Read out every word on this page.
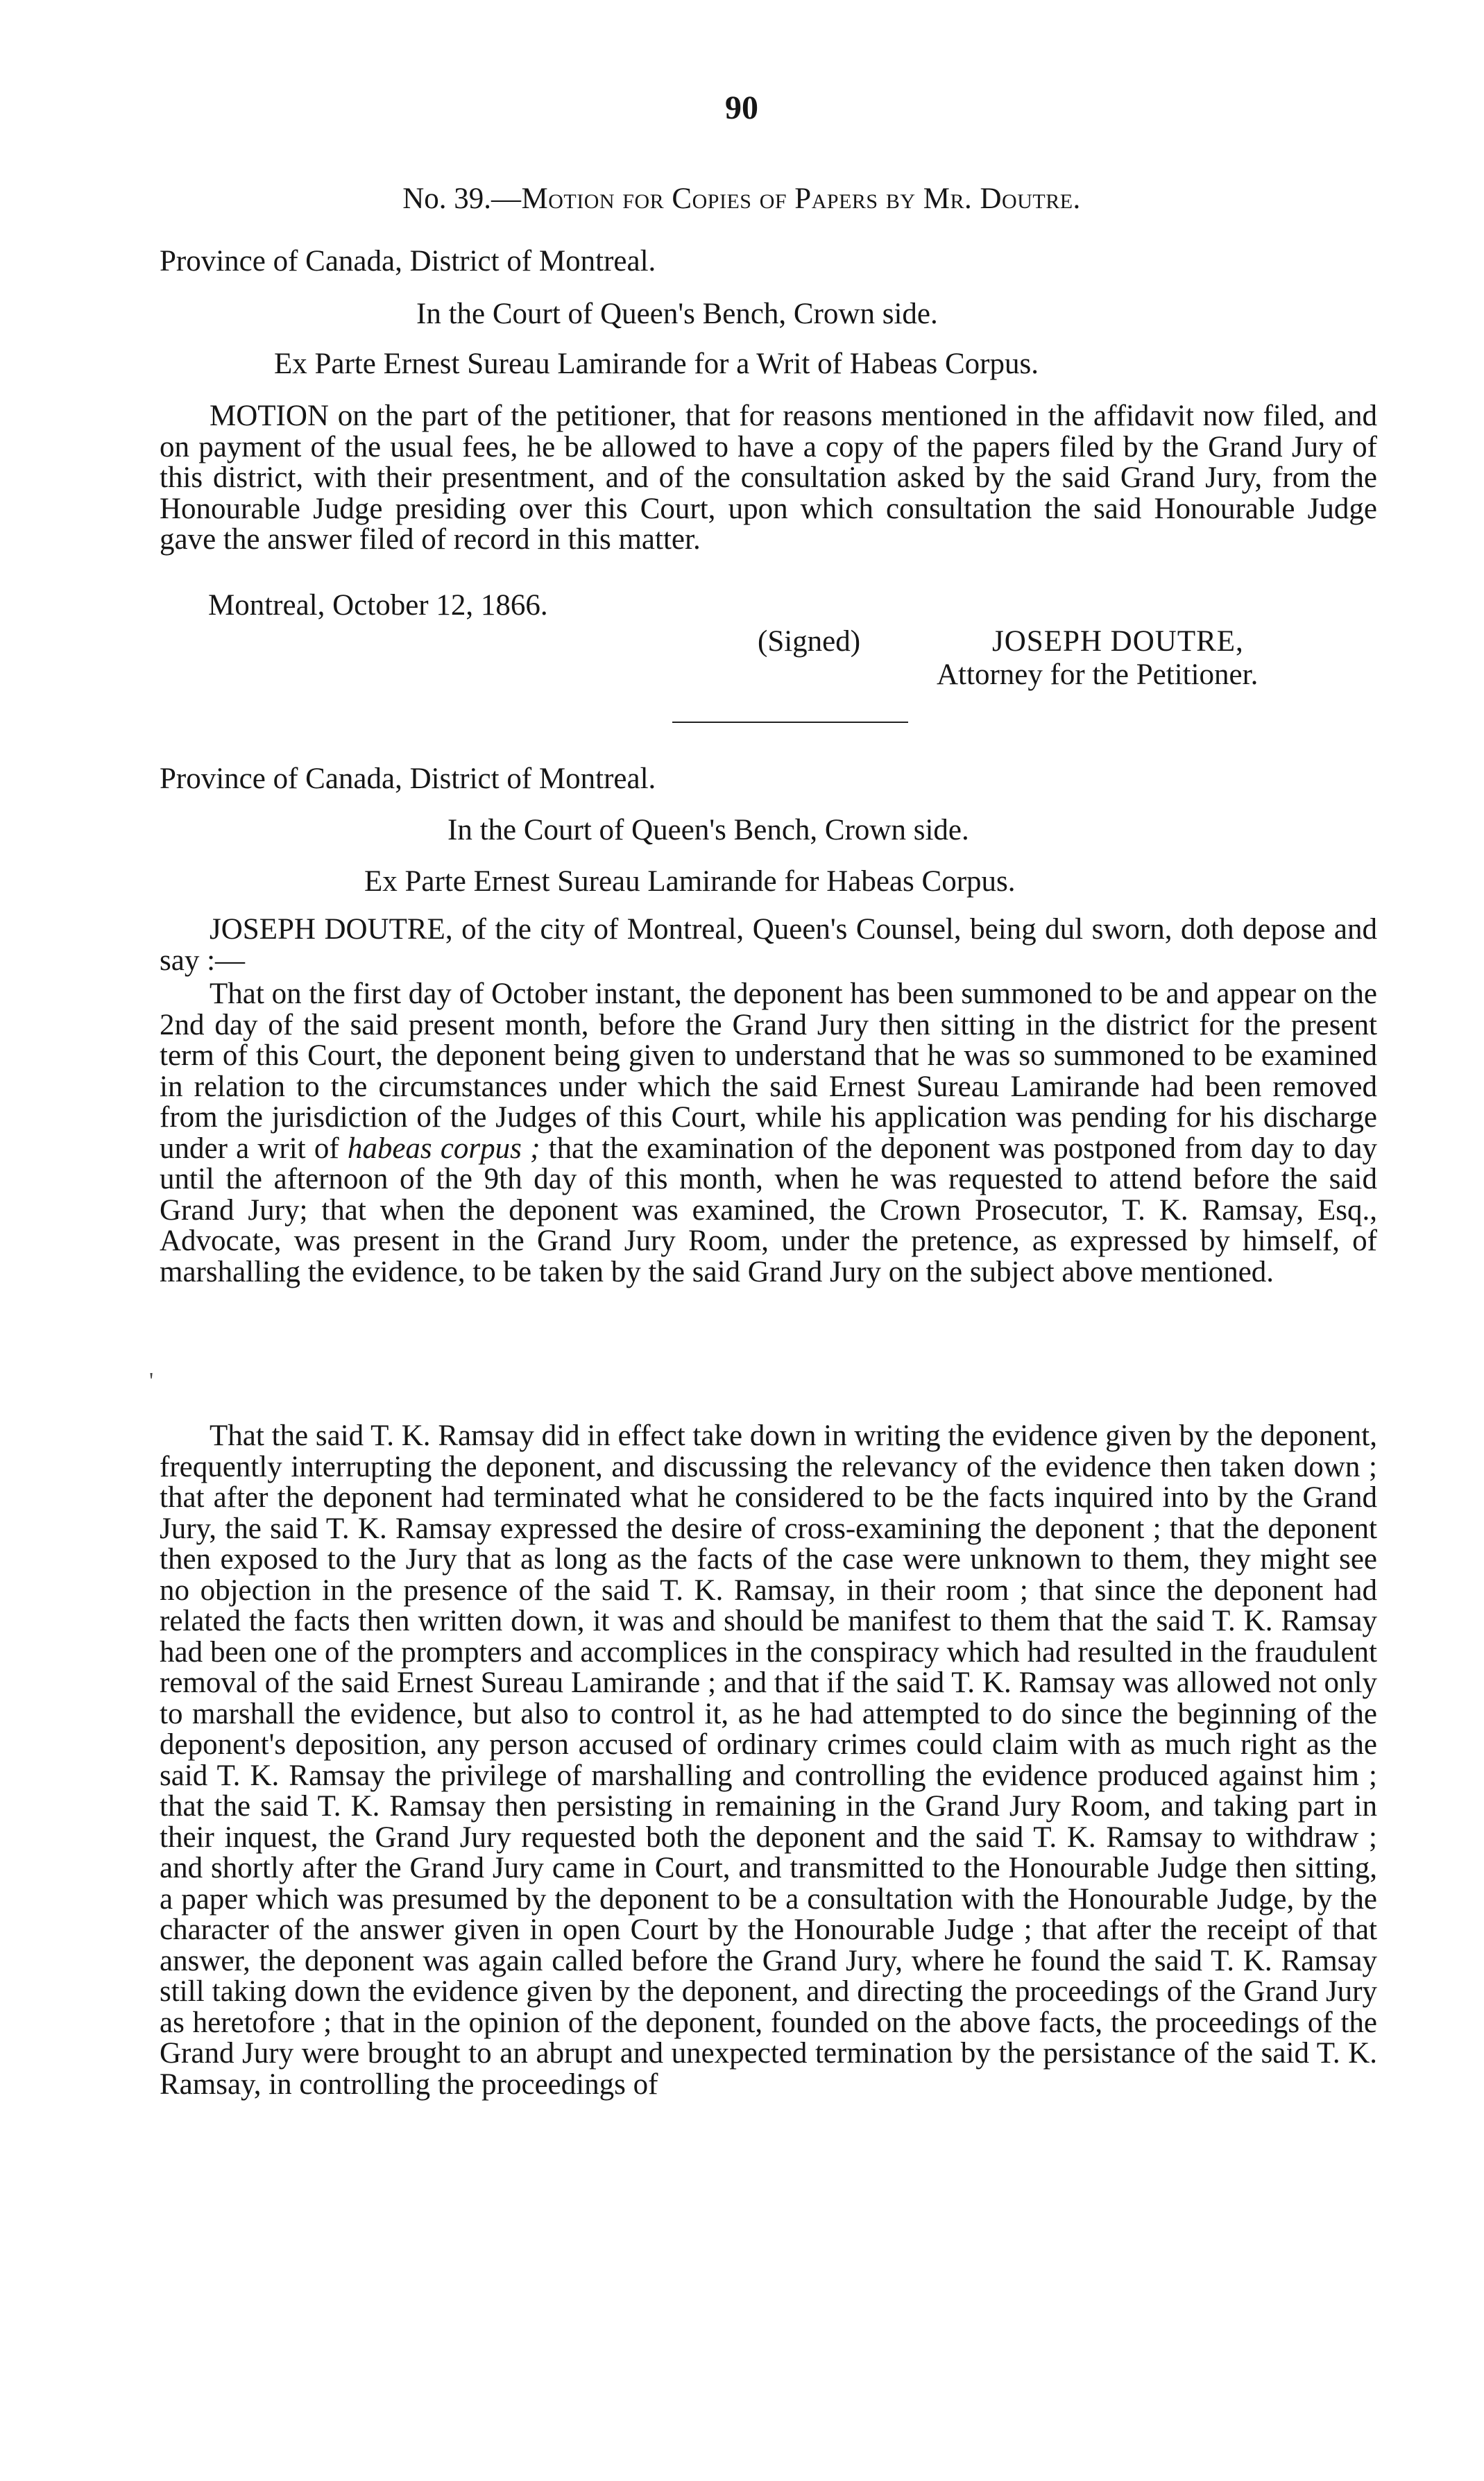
90

No. 39.—Motion for Copies of Papers by Mr. Doutre.

Province of Canada, District of Montreal.

In the Court of Queen's Bench, Crown side.

Ex Parte Ernest Sureau Lamirande for a Writ of Habeas Corpus.

MOTION on the part of the petitioner, that for reasons mentioned in the affidavit now filed, and on payment of the usual fees, he be allowed to have a copy of the papers filed by the Grand Jury of this district, with their presentment, and of the consultation asked by the said Grand Jury, from the Honourable Judge presiding over this Court, upon which consultation the said Honourable Judge gave the answer filed of record in this matter.

Montreal, October 12, 1866.

(Signed)	JOSEPH DOUTRE,

Attorney for the Petitioner.

Province of Canada, District of Montreal.

In the Court of Queen's Bench, Crown side.

Ex Parte Ernest Sureau Lamirande for Habeas Corpus.

JOSEPH DOUTRE, of the city of Montreal, Queen's Counsel, being dul sworn, doth depose and say :—

That on the first day of October instant, the deponent has been summoned to be and appear on the 2nd day of the said present month, before the Grand Jury then sitting in the district for the present term of this Court, the deponent being given to understand that he was so summoned to be examined in relation to the circumstances under which the said Ernest Sureau Lamirande had been removed from the jurisdiction of the Judges of this Court, while his application was pending for his discharge under a writ of habeas corpus ; that the examination of the deponent was postponed from day to day until the afternoon of the 9th day of this month, when he was requested to attend before the said Grand Jury; that when the deponent was examined, the Crown Prosecutor, T. K. Ramsay, Esq., Advocate, was present in the Grand Jury Room, under the pretence, as expressed by himself, of marshalling the evidence, to be taken by the said Grand Jury on the subject above mentioned.

That the said T. K. Ramsay did in effect take down in writing the evidence given by the deponent, frequently interrupting the deponent, and discussing the relevancy of the evidence then taken down ; that after the deponent had terminated what he considered to be the facts inquired into by the Grand Jury, the said T. K. Ramsay expressed the desire of cross-examining the deponent ; that the deponent then exposed to the Jury that as long as the facts of the case were unknown to them, they might see no objection in the presence of the said T. K. Ramsay, in their room ; that since the deponent had related the facts then written down, it was and should be manifest to them that the said T. K. Ramsay had been one of the prompters and accomplices in the conspiracy which had resulted in the fraudulent removal of the said Ernest Sureau Lamirande ; and that if the said T. K. Ramsay was allowed not only to marshall the evidence, but also to control it, as he had attempted to do since the beginning of the deponent's deposition, any person accused of ordinary crimes could claim with as much right as the said T. K. Ramsay the privilege of marshalling and controlling the evidence produced against him ; that the said T. K. Ramsay then persisting in remaining in the Grand Jury Room, and taking part in their inquest, the Grand Jury requested both the deponent and the said T. K. Ramsay to withdraw ; and shortly after the Grand Jury came in Court, and transmitted to the Honourable Judge then sitting, a paper which was presumed by the deponent to be a consultation with the Honourable Judge, by the character of the answer given in open Court by the Honourable Judge ; that after the receipt of that answer, the deponent was again called before the Grand Jury, where he found the said T. K. Ramsay still taking down the evidence given by the deponent, and directing the proceedings of the Grand Jury as heretofore ; that in the opinion of the deponent, founded on the above facts, the proceedings of the Grand Jury were brought to an abrupt and unexpected termination by the persistance of the said T. K. Ramsay, in controlling the proceedings of

'
